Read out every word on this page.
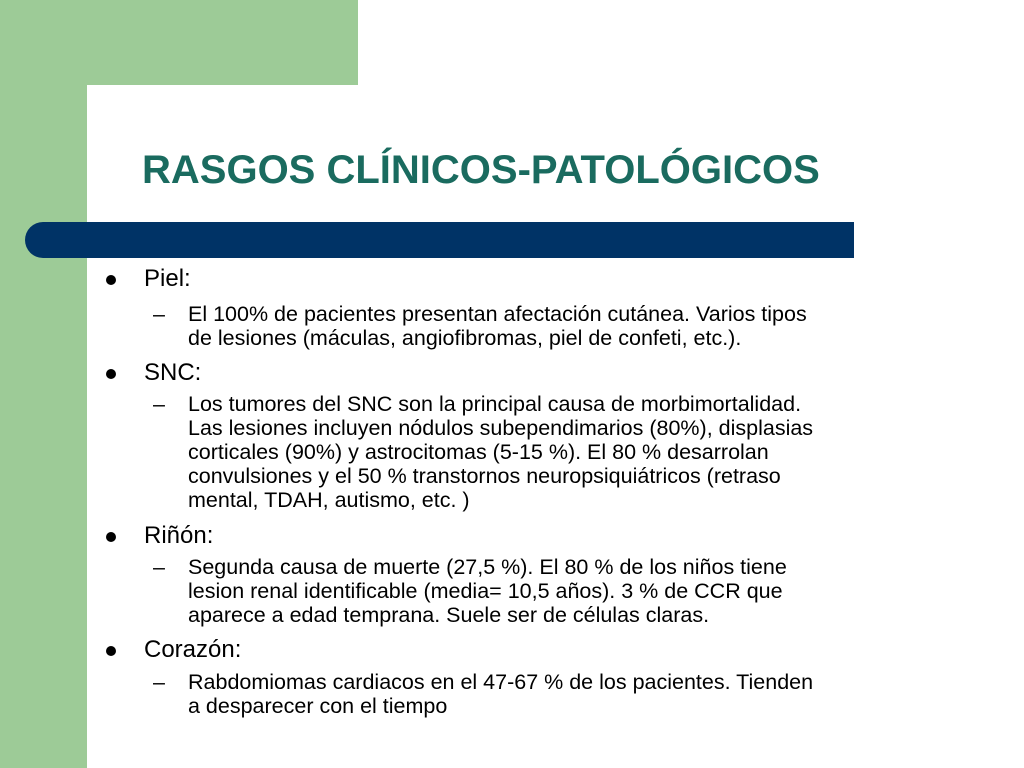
RASGOS CLÍNICOS-PATOLÓGICOS
Piel:
– El 100% de pacientes presentan afectación cutánea. Varios tipos
de lesiones (máculas, angiofibromas, piel de confeti, etc.).
SNC:
– Los tumores del SNC son la principal causa de morbimortalidad.
Las lesiones incluyen nódulos subependimarios (80%), displasias
corticales (90%) y astrocitomas (5-15 %). El 80 % desarrolan
convulsiones y el 50 % transtornos neuropsiquiátricos (retraso
mental, TDAH, autismo, etc. )
Riñón:
– Segunda causa de muerte (27,5 %). El 80 % de los niños tiene
lesion renal identificable (media= 10,5 años). 3 % de CCR que
aparece a edad temprana. Suele ser de células claras.
Corazón:
– Rabdomiomas cardiacos en el 47-67 % de los pacientes. Tienden
a desparecer con el tiempo
